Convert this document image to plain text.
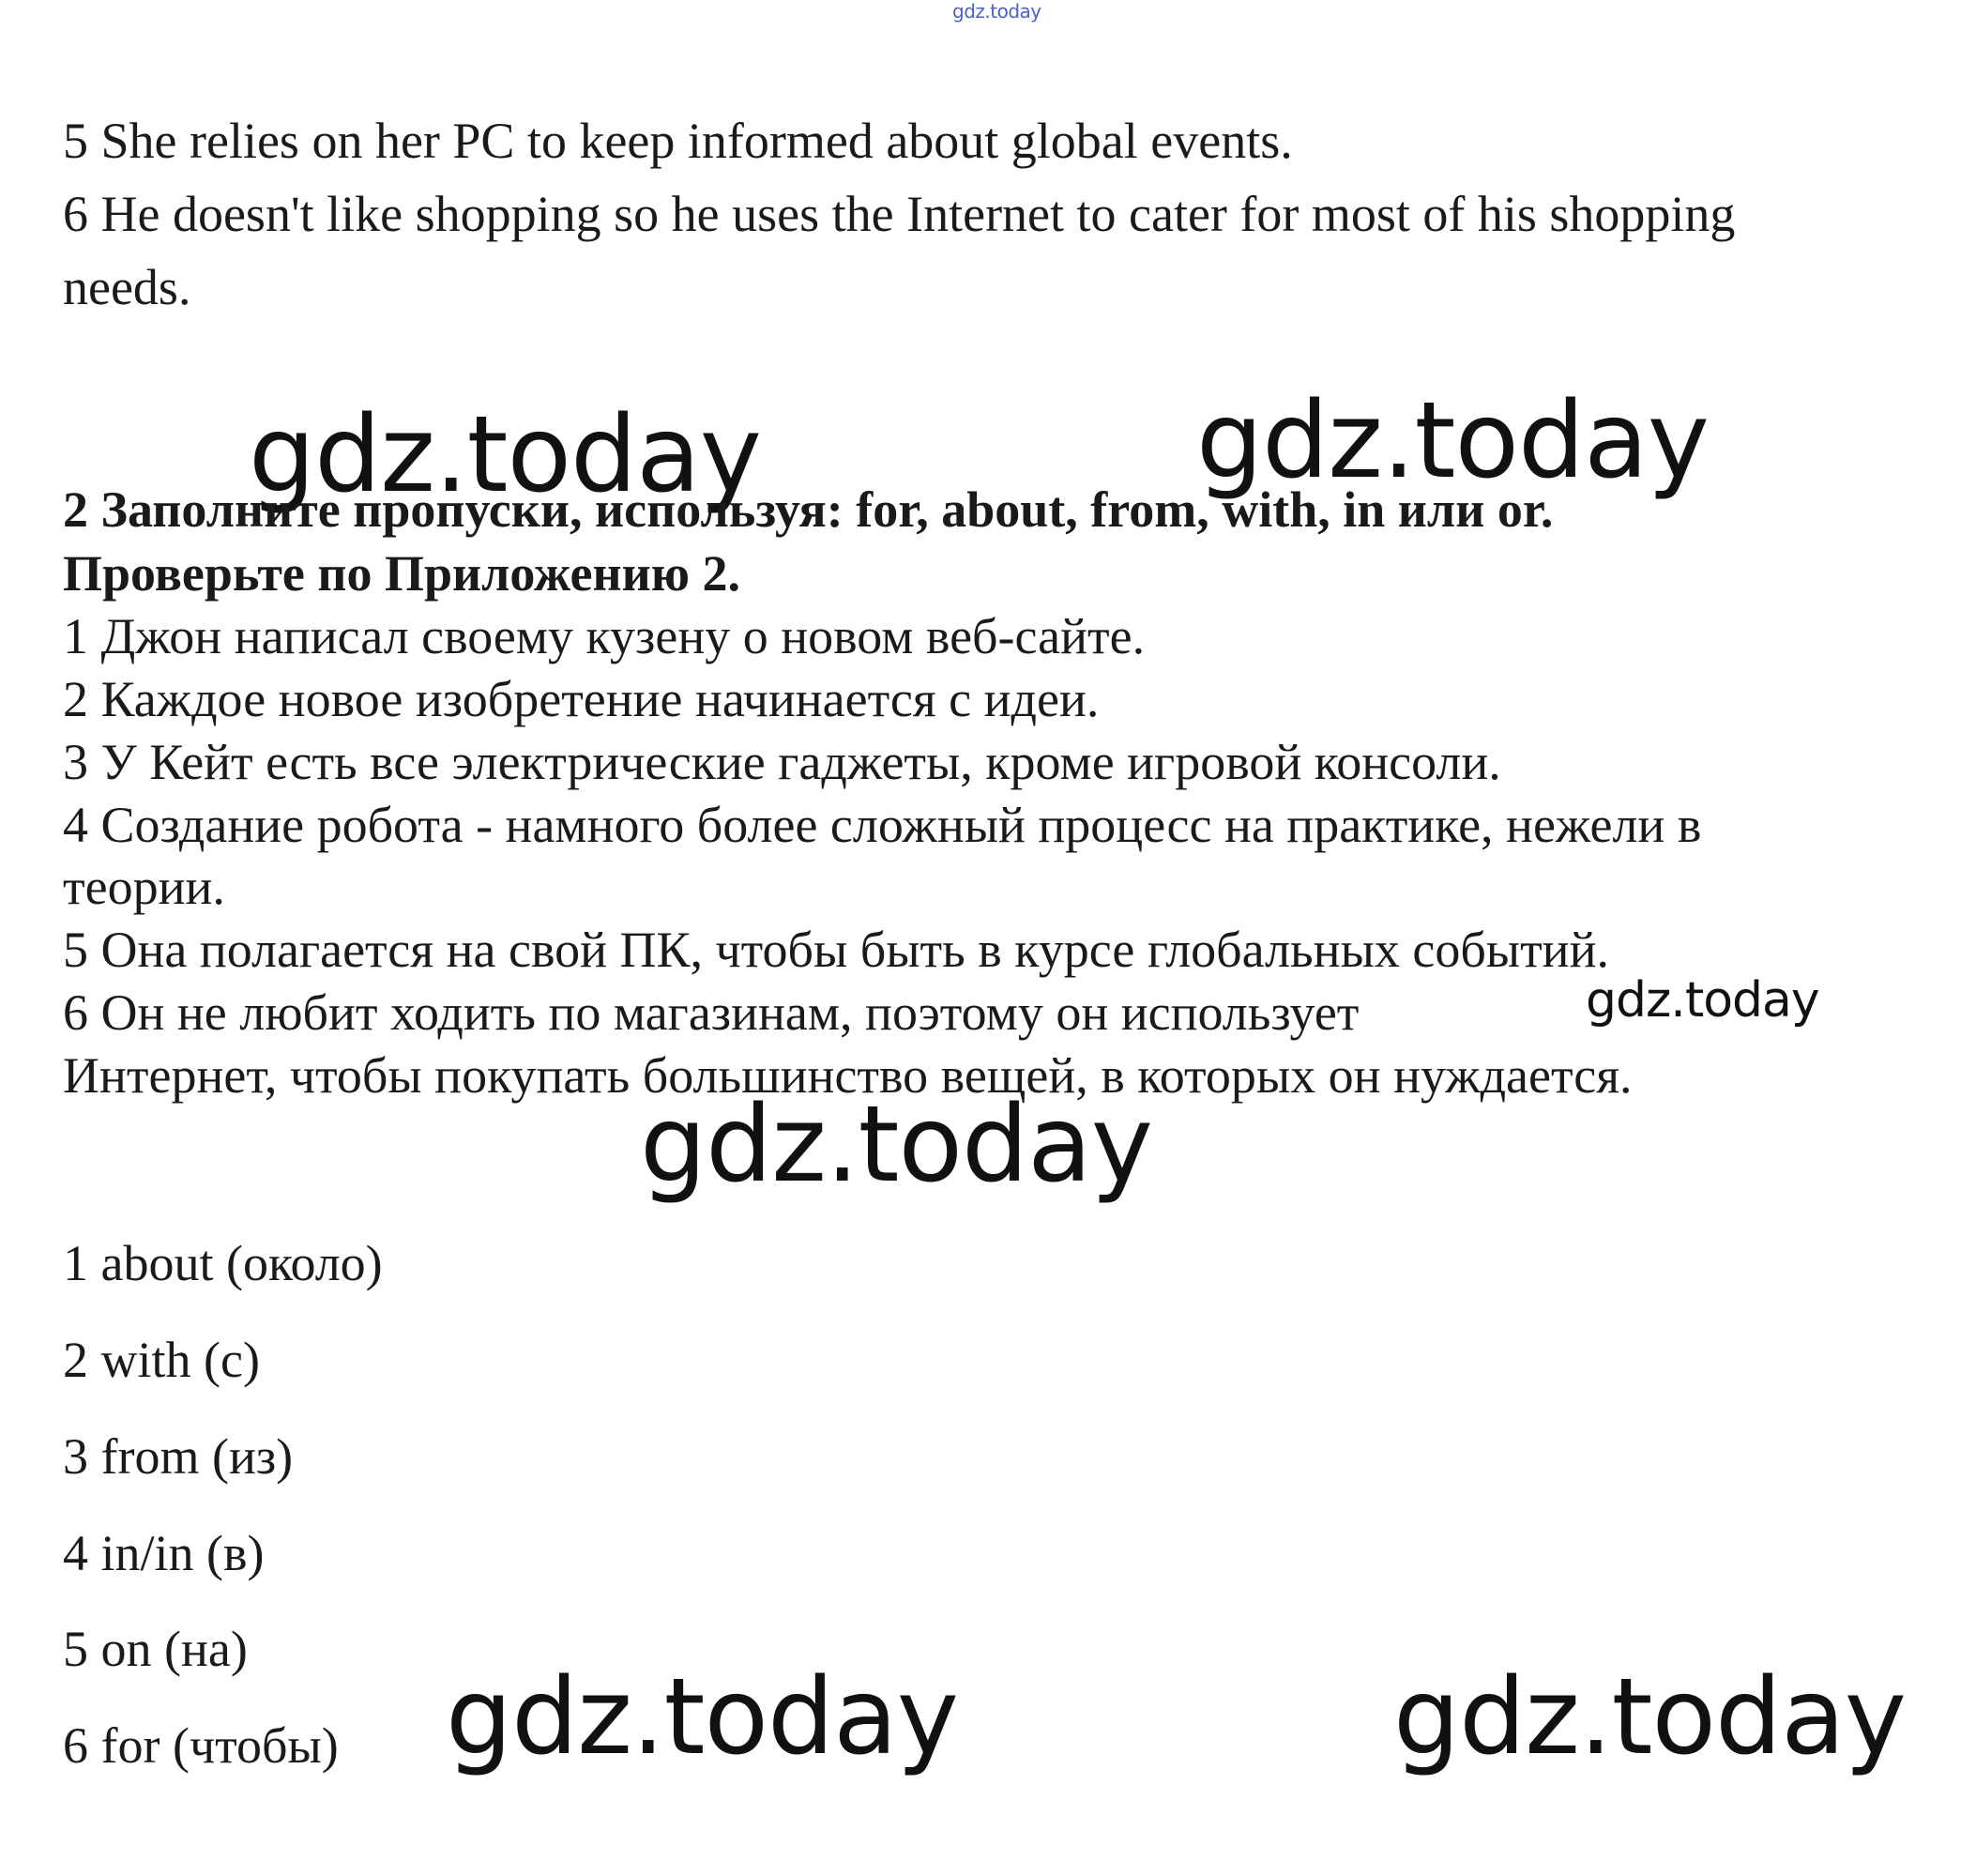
gdz.today
5 She relies on her PC to keep informed about global events.
6 He doesn't like shopping so he uses the Internet to cater for most of his shopping
needs.
gdz.today	gdz.today
2 Заполните пропуски, используя: for, about, from, with, in или or.
Проверьте по Приложению 2.
1 Джон написал своему кузену о новом веб-сайте.
2 Каждое новое изобретение начинается с идеи.
3 У Кейт есть все электрические гаджеты, кроме игровой консоли.
4 Создание робота - намного более сложный процесс на практике, нежели в
теории.
5 Она полагается на свой ПК, чтобы быть в курсе глобальных событий.
6 Он не любит ходить по магазинам, поэтому он использует
Интернет, чтобы покупать большинство вещей, в которых он нуждается.
gdz.today
gdz.today
1 about (около)
2 with (с)
3 from (из)
4 in/in (в)
5 on (на)
6 for (чтобы) gdz.today	gdz.today
